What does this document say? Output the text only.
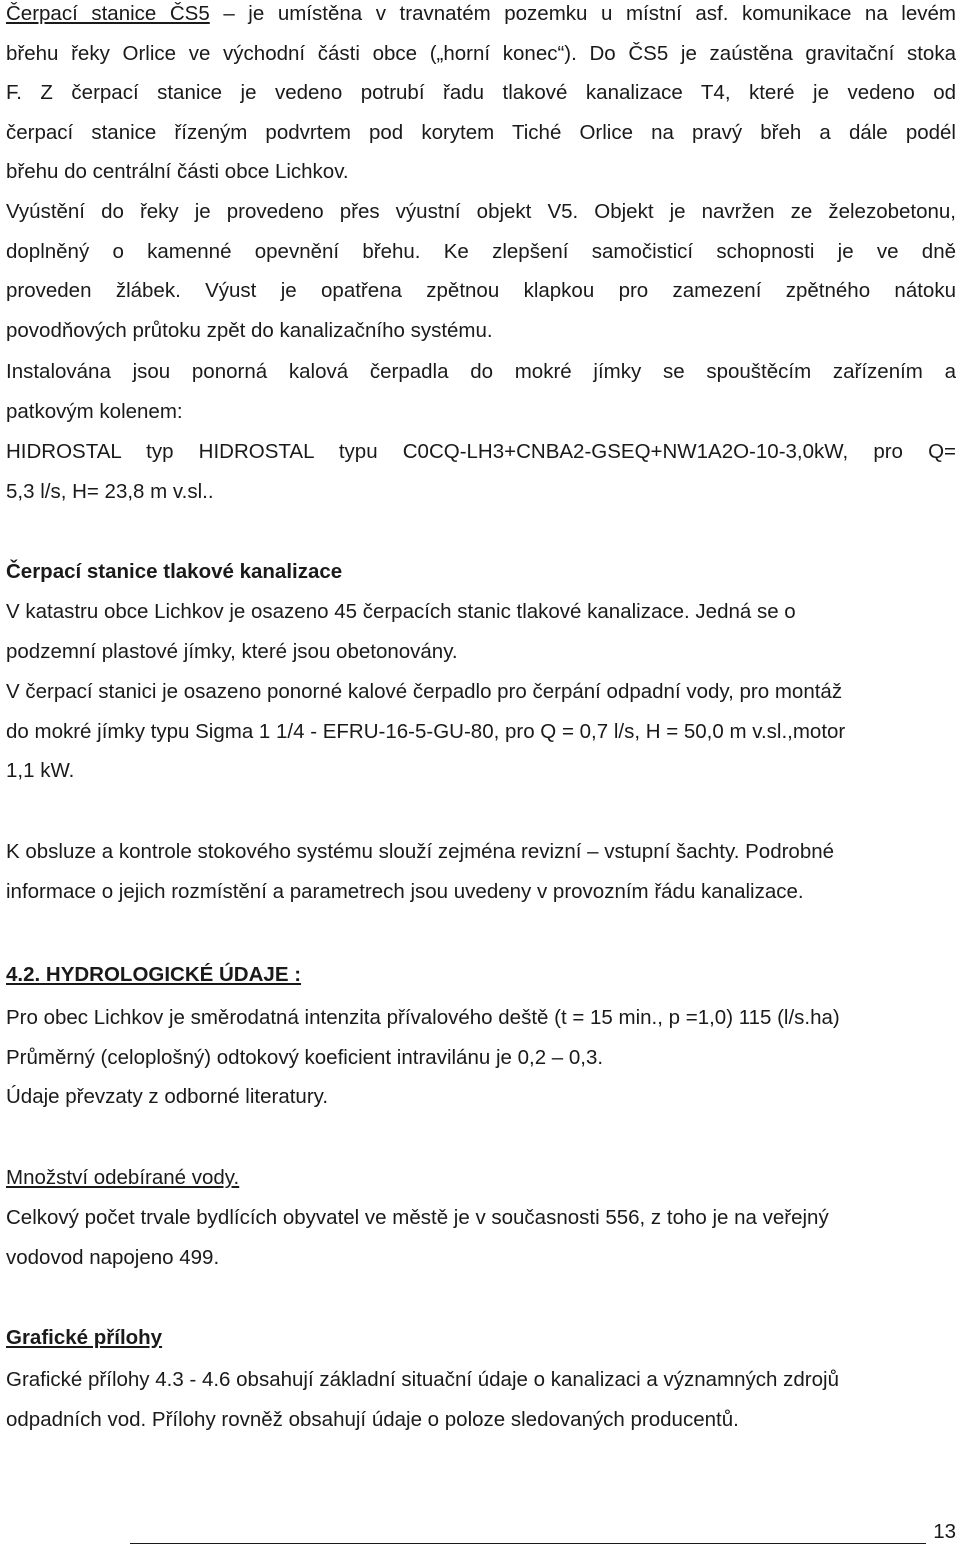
Čerpací stanice ČS5 – je umístěna v travnatém pozemku u místní asf. komunikace na levém
břehu řeky Orlice ve východní části obce („horní konec“). Do ČS5 je zaústěna gravitační stoka
F. Z čerpací stanice je vedeno potrubí řadu tlakové kanalizace T4, které je vedeno od
čerpací stanice řízeným podvrtem pod korytem Tiché Orlice na pravý břeh a dále podél
břehu do centrální části obce Lichkov.

Vyústění do řeky je provedeno přes výustní objekt V5. Objekt je navržen ze železobetonu,
doplněný o kamenné opevnění břehu. Ke zlepšení samočisticí schopnosti je ve dně
proveden žlábek. Výust je opatřena zpětnou klapkou pro zamezení zpětného nátoku
povodňových průtoku zpět do kanalizačního systému.

Instalována jsou ponorná kalová čerpadla do mokré jímky se spouštěcím zařízením a
patkovým kolenem:

HIDROSTAL typ HIDROSTAL typu C0CQ-LH3+CNBA2-GSEQ+NW1A2O-10-3,0kW, pro Q=
5,3 l/s, H= 23,8 m v.sl..

Čerpací stanice tlakové kanalizace

V katastru obce Lichkov je osazeno 45 čerpacích stanic tlakové kanalizace. Jedná se o
podzemní plastové jímky, které jsou obetonovány.

V čerpací stanici je osazeno ponorné kalové čerpadlo pro čerpání odpadní vody, pro montáž
do mokré jímky typu Sigma 1 1/4 - EFRU-16-5-GU-80, pro Q = 0,7 l/s, H = 50,0 m v.sl.,motor
1,1 kW.

K obsluze a kontrole stokového systému slouží zejména revizní – vstupní šachty. Podrobné
informace o jejich rozmístění a parametrech jsou uvedeny v provozním řádu kanalizace.

4.2. HYDROLOGICKÉ ÚDAJE :

Pro obec Lichkov je směrodatná intenzita přívalového deště (t = 15 min., p =1,0) 115 (l/s.ha)
Průměrný (celoplošný) odtokový koeficient intravilánu je 0,2 – 0,3.
Údaje převzaty z odborné literatury.

Množství odebírané vody.

Celkový počet trvale bydlících obyvatel ve městě je v současnosti 556, z toho je na veřejný
vodovod napojeno 499.

Grafické přílohy

Grafické přílohy 4.3 - 4.6 obsahují základní situační údaje o kanalizaci a významných zdrojů
odpadních vod. Přílohy rovněž obsahují údaje o poloze sledovaných producentů.

13
